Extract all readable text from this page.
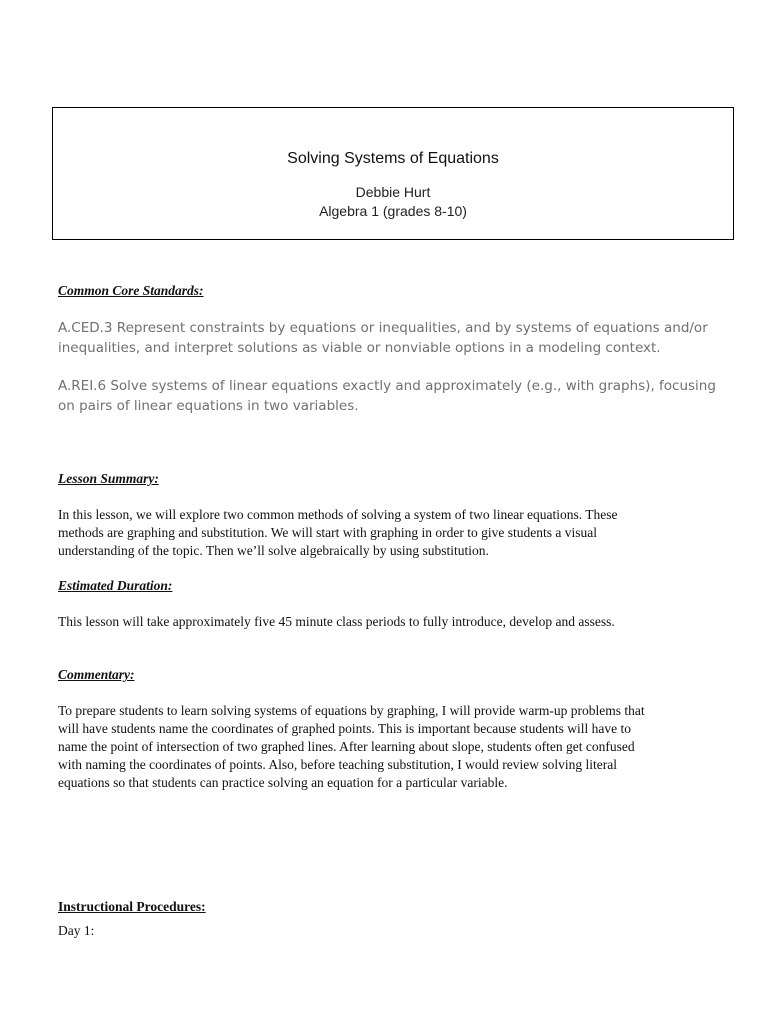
Solving Systems of Equations
Debbie Hurt
Algebra 1 (grades 8-10)
Common Core Standards:
A.CED.3 Represent constraints by equations or inequalities, and by systems of equations and/or
inequalities, and interpret solutions as viable or nonviable options in a modeling context.
A.REI.6 Solve systems of linear equations exactly and approximately (e.g., with graphs), focusing
on pairs of linear equations in two variables.
Lesson Summary:
In this lesson, we will explore two common methods of solving a system of two linear equations. These
methods are graphing and substitution. We will start with graphing in order to give students a visual
understanding of the topic. Then we’ll solve algebraically by using substitution.
Estimated Duration:
This lesson will take approximately five 45 minute class periods to fully introduce, develop and assess.
Commentary:
To prepare students to learn solving systems of equations by graphing, I will provide warm-up problems that
will have students name the coordinates of graphed points. This is important because students will have to
name the point of intersection of two graphed lines. After learning about slope, students often get confused
with naming the coordinates of points. Also, before teaching substitution, I would review solving literal
equations so that students can practice solving an equation for a particular variable.
Instructional Procedures:
Day 1:
